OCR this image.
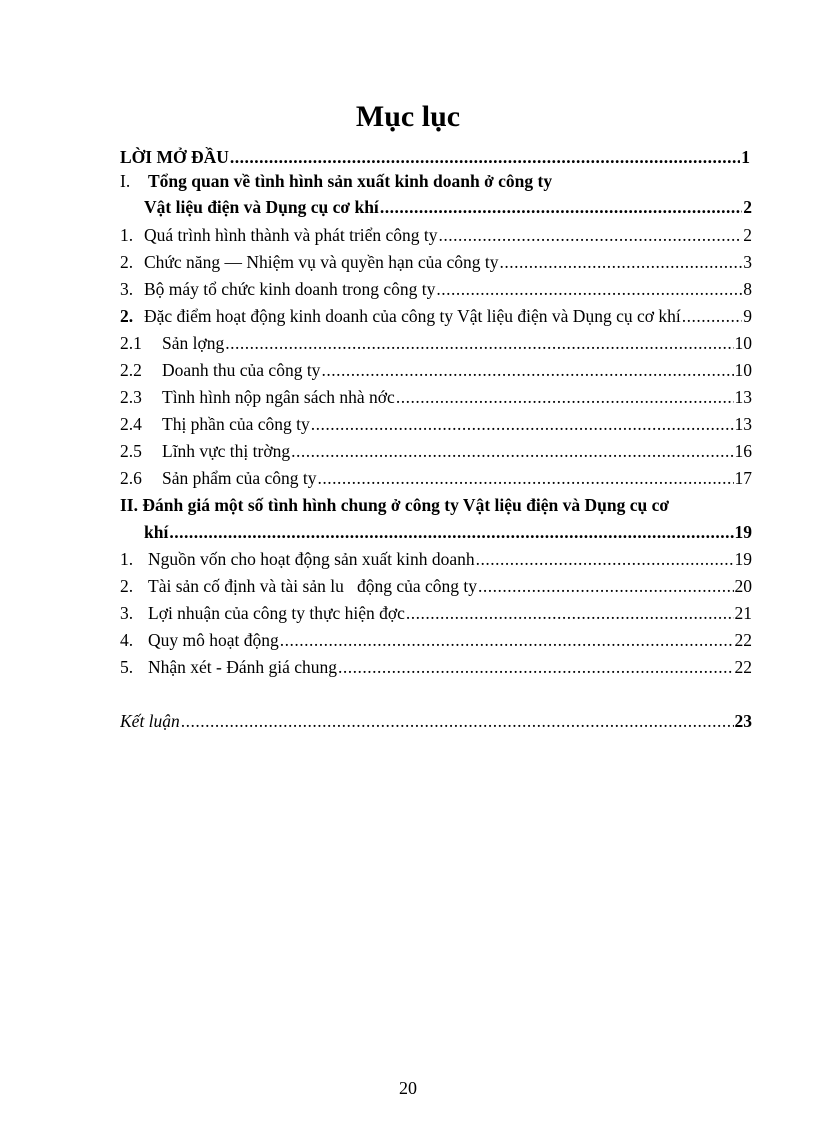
Mục lục
LỜI MỞ ĐẦU .....	1
I. Tổng quan về tình hình sản xuất kinh doanh ở công ty
Vật liệu điện và Dụng cụ cơ khí .....	2
1. Quá trình hình thành và phát triển công ty .....	2
2. Chức năng — Nhiệm vụ và quyền hạn của công ty .....	3
3. Bộ máy tổ chức kinh doanh trong công ty .....	8
2. Đặc điểm hoạt động kinh doanh của công ty Vật liệu điện và Dụng cụ cơ khí .....	9
2.1	Sản lợng .....	10
2.2	Doanh thu của công ty .....	10
2.3	Tình hình nộp ngân sách nhà nớc .....	13
2.4	Thị phần của công ty .....	13
2.5	Lĩnh vực thị trờng .....	16
2.6	Sản phẩm của công ty .....	17
II. Đánh giá một số tình hình chung ở công ty Vật liệu điện và Dụng cụ cơ
khí .....	19
1. Nguồn vốn cho hoạt động sản xuất kinh doanh .....	19
2. Tài sản cố định và tài sản lu   động của công ty .....	20
3. Lợi nhuận của công ty thực hiện đợc .....	21
4. Quy mô hoạt động .....	22
5. Nhận xét - Đánh giá chung .....	22
Kết luận .....	23
20
